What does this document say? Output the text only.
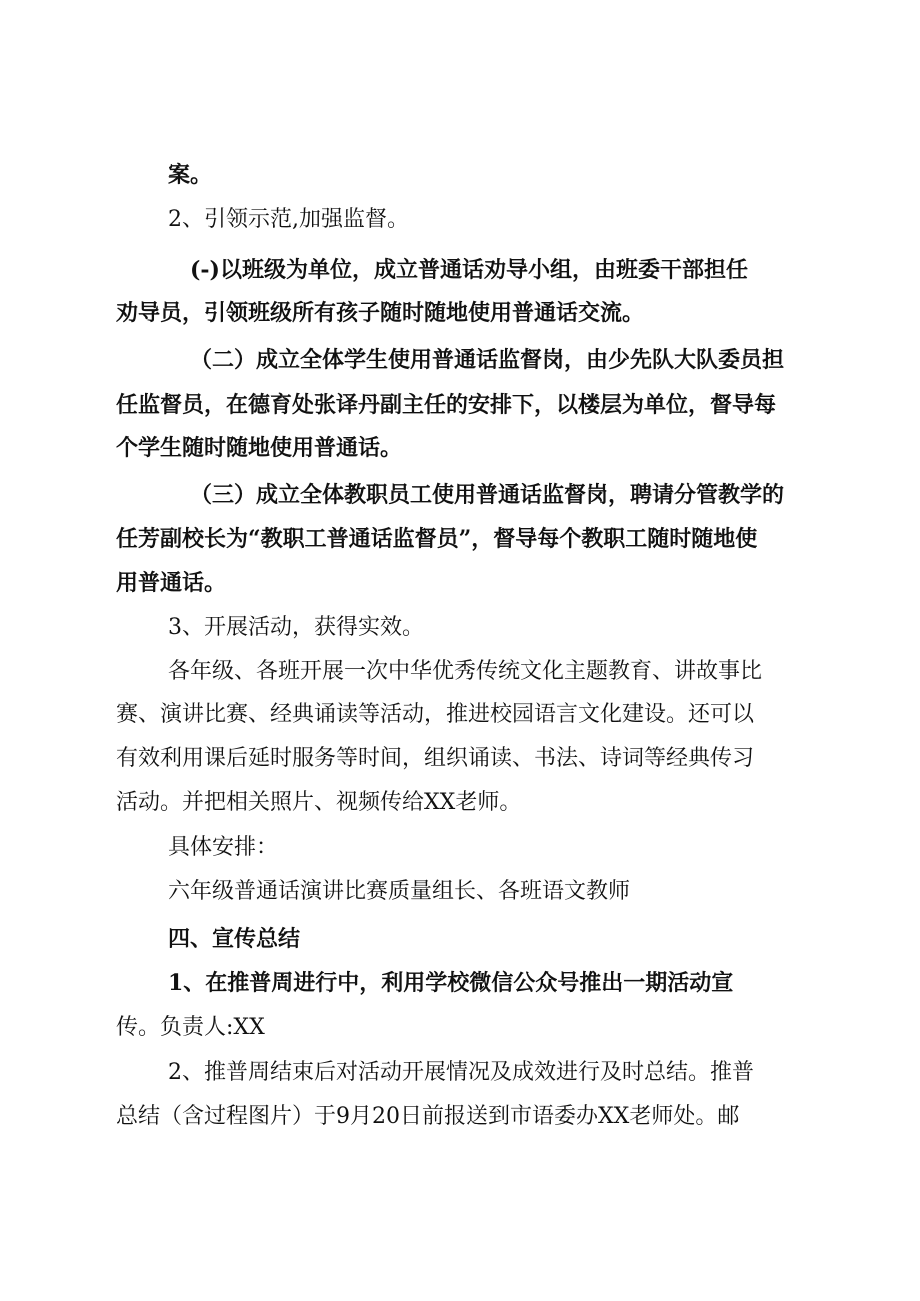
案。
2、引领示范,加强监督。
(-)以班级为单位，成立普通话劝导小组，由班委干部担任
劝导员，引领班级所有孩子随时随地使用普通话交流。
（二）成立全体学生使用普通话监督岗，由少先队大队委员担
任监督员，在德育处张译丹副主任的安排下，以楼层为单位，督导每
个学生随时随地使用普通话。
（三）成立全体教职员工使用普通话监督岗，聘请分管教学的
任芳副校长为“教职工普通话监督员”，督导每个教职工随时随地使
用普通话。
3、开展活动，获得实效。
各年级、各班开展一次中华优秀传统文化主题教育、讲故事比
赛、演讲比赛、经典诵读等活动，推进校园语言文化建设。还可以
有效利用课后延时服务等时间，组织诵读、书法、诗词等经典传习
活动。并把相关照片、视频传给XX老师。
具体安排：
六年级普通话演讲比赛质量组长、各班语文教师
四、宣传总结
1、在推普周进行中，利用学校微信公众号推出一期活动宣
传。负责人:XX
2、推普周结束后对活动开展情况及成效进行及时总结。推普
总结（含过程图片）于9月20日前报送到市语委办XX老师处。邮
